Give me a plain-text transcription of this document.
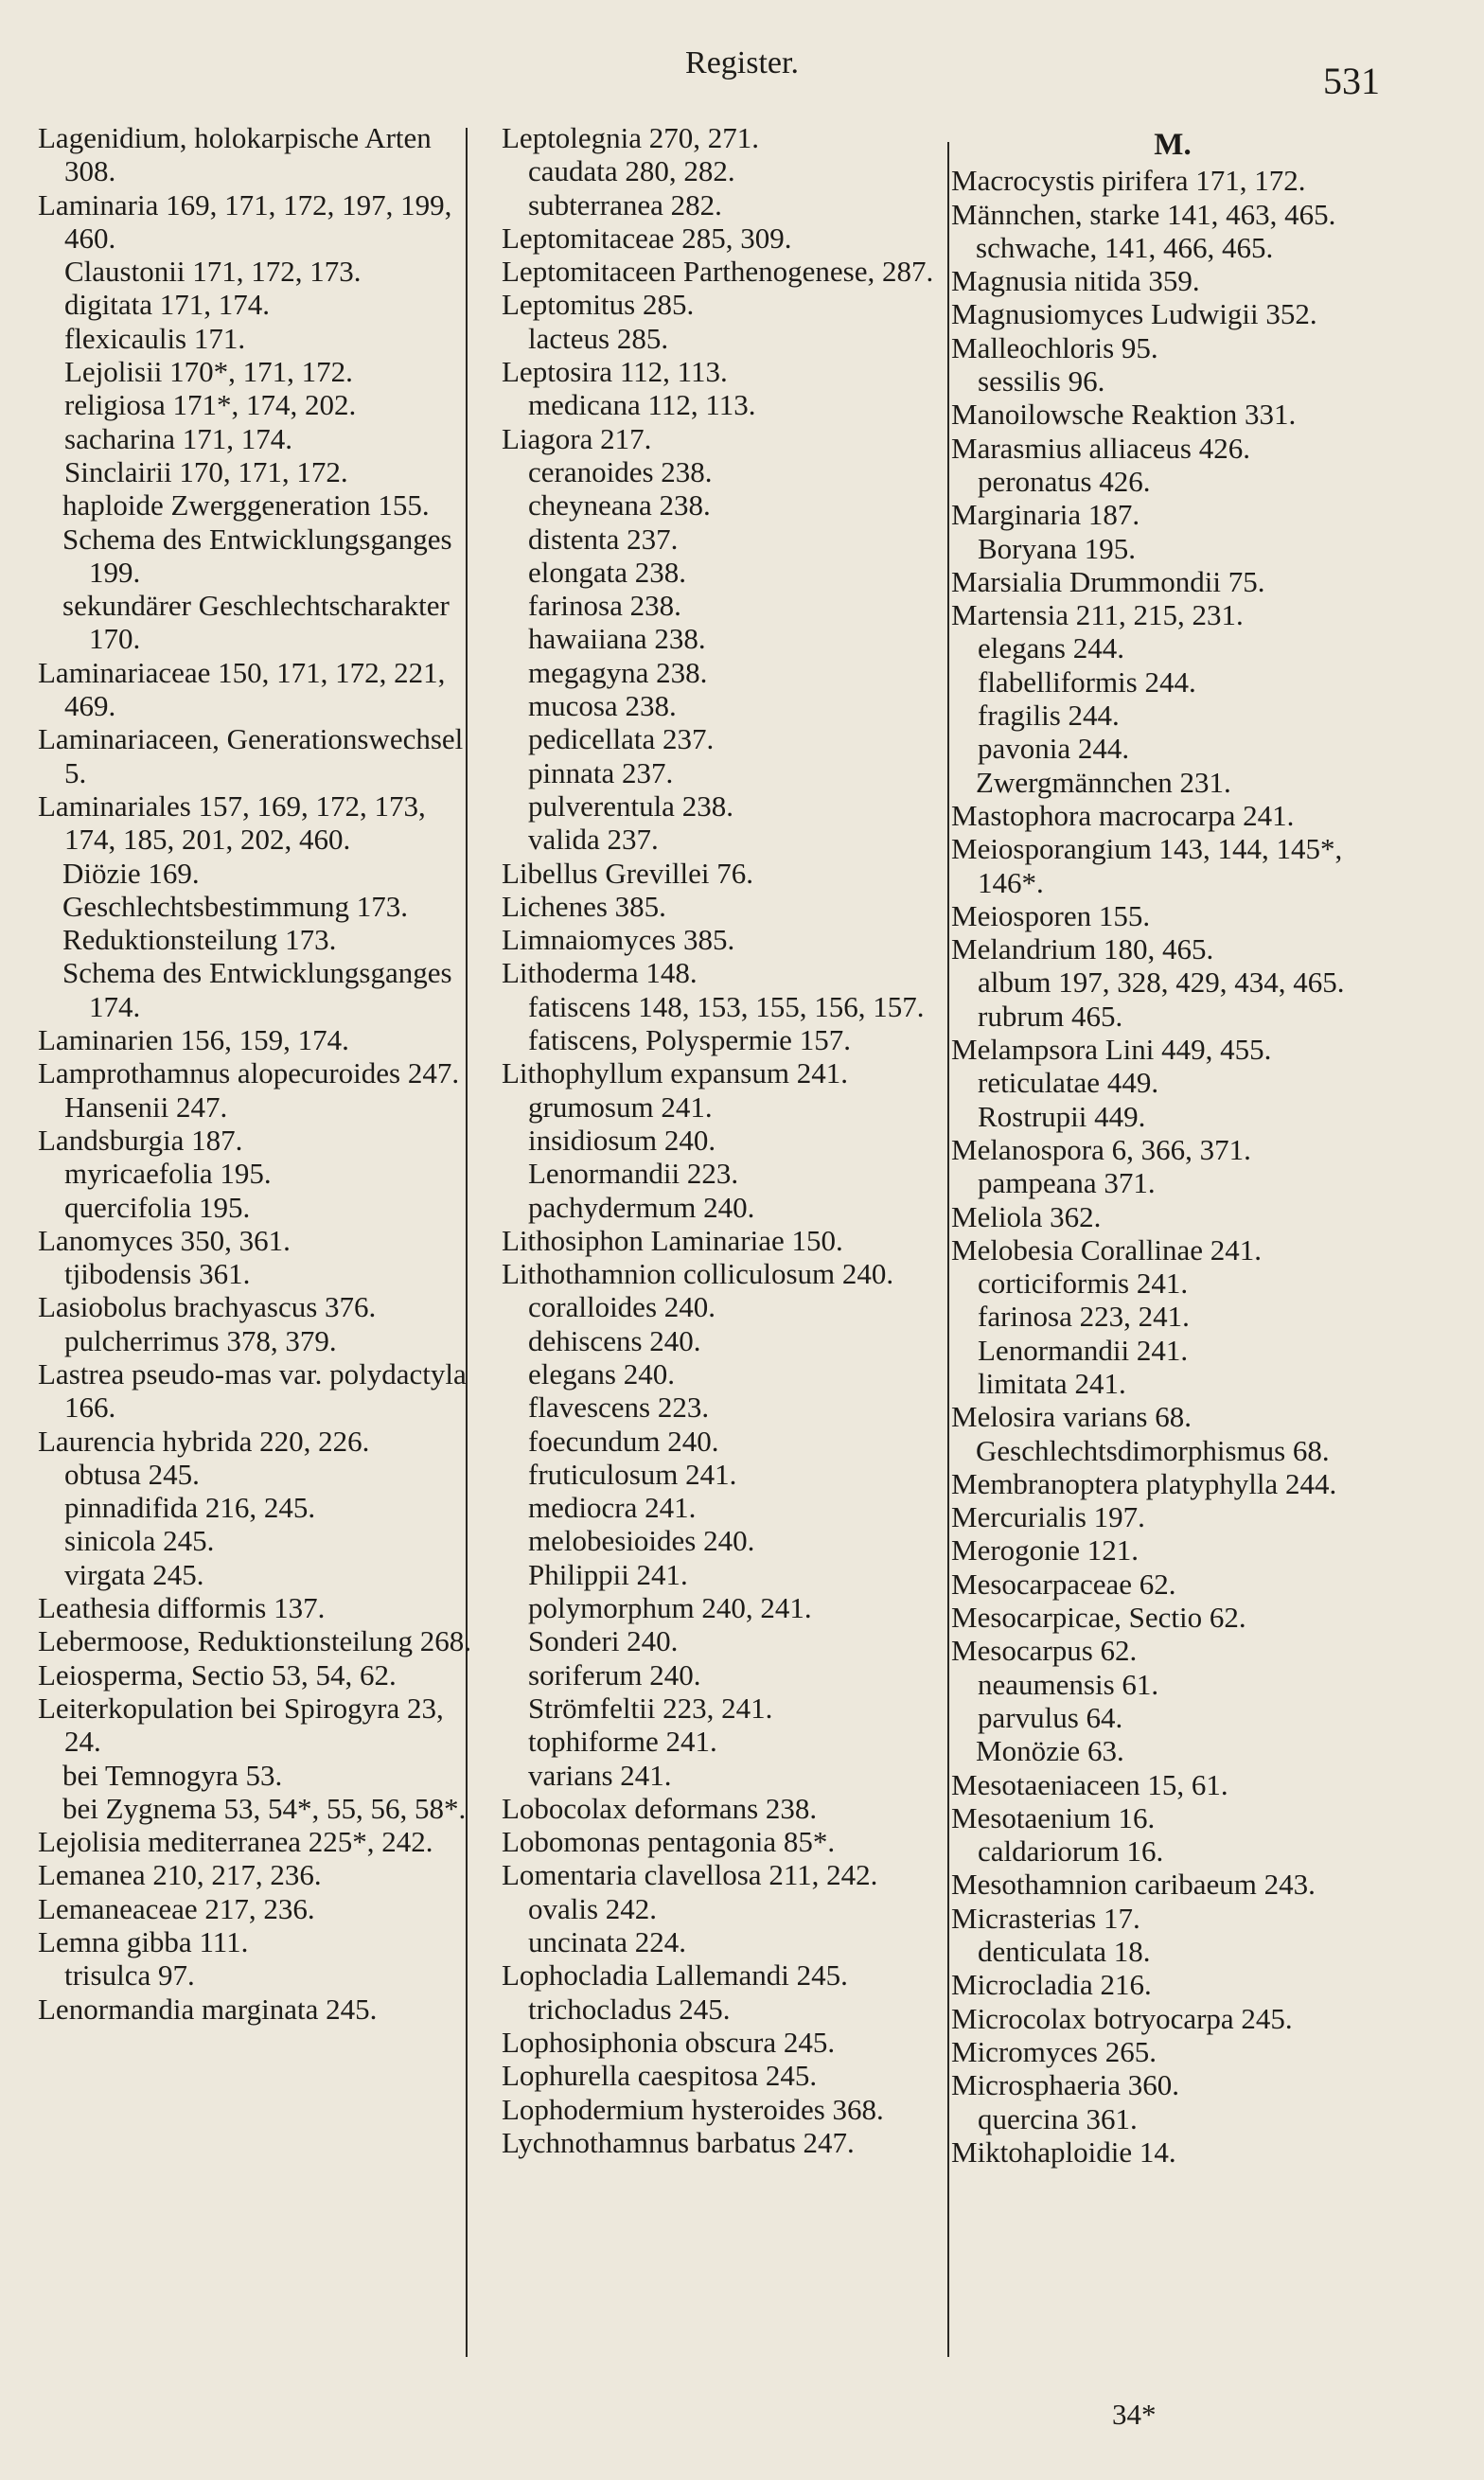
Register.	531

Lagenidium, holokarpische Arten 308.

Laminaria 169, 171, 172, 197, 199, 460.

Claustonii 171, 172, 173.

digitata 171, 174.

flexicaulis 171.

Lejolisii 170*, 171, 172.

religiosa 171*, 174, 202.

sacharina 171, 174.

Sinclairii 170, 171, 172.

haploide Zwerggeneration 155.

Schema des Entwicklungsganges 199.

sekundärer Geschlechtscharakter 170.

Laminariaceae 150, 171, 172, 221, 469.

Laminariaceen, Generationswechsel 5.

Laminariales 157, 169, 172, 173, 174, 185, 201, 202, 460.

Diözie 169.

Geschlechtsbestimmung 173.

Reduktionsteilung 173.

Schema des Entwicklungsganges 174.

Laminarien 156, 159, 174.

Lamprothamnus alopecuroides 247.

Hansenii 247.

Landsburgia 187.

myricaefolia 195.

quercifolia 195.

Lanomyces 350, 361.

tjibodensis 361.

Lasiobolus brachyascus 376.

pulcherrimus 378, 379.

Lastrea pseudo-mas var. polydactyla 166.

Laurencia hybrida 220, 226.

obtusa 245.

pinnadifida 216, 245.

sinicola 245.

virgata 245.

Leathesia difformis 137.

Lebermoose, Reduktionsteilung 268.

Leiosperma, Sectio 53, 54, 62.

Leiterkopulation bei Spirogyra 23, 24.

bei Temnogyra 53.

bei Zygnema 53, 54*, 55, 56, 58*.

Lejolisia mediterranea 225*, 242.

Lemanea 210, 217, 236.

Lemaneaceae 217, 236.

Lemna gibba 111.

trisulca 97.

Lenormandia marginata 245.

Leptolegnia 270, 271.

caudata 280, 282.

subterranea 282.

Leptomitaceae 285, 309.

Leptomitaceen Parthenogenese, 287.

Leptomitus 285.

lacteus 285.

Leptosira 112, 113.

medicana 112, 113.

Liagora 217.

ceranoides 238.

cheyneana 238.

distenta 237.

elongata 238.

farinosa 238.

hawaiiana 238.

megagyna 238.

mucosa 238.

pedicellata 237.

pinnata 237.

pulverentula 238.

valida 237.

Libellus Grevillei 76.

Lichenes 385.

Limnaiomyces 385.

Lithoderma 148.

fatiscens 148, 153, 155, 156, 157.

fatiscens, Polyspermie 157.

Lithophyllum expansum 241.

grumosum 241.

insidiosum 240.

Lenormandii 223.

pachydermum 240.

Lithosiphon Laminariae 150.

Lithothamnion colliculosum 240.

coralloides 240.

dehiscens 240.

elegans 240.

flavescens 223.

foecundum 240.

fruticulosum 241.

mediocra 241.

melobesioides 240.

Philippii 241.

polymorphum 240, 241.

Sonderi 240.

soriferum 240.

Strömfeltii 223, 241.

tophiforme 241.

varians 241.

Lobocolax deformans 238.

Lobomonas pentagonia 85*.

Lomentaria clavellosa 211, 242.

ovalis 242.

uncinata 224.

Lophocladia Lallemandi 245.

trichocladus 245.

Lophosiphonia obscura 245.

Lophurella caespitosa 245.

Lophodermium hysteroides 368.

Lychnothamnus barbatus 247.

M.

Macrocystis pirifera 171, 172.

Männchen, starke 141, 463, 465.

schwache, 141, 466, 465.

Magnusia nitida 359.

Magnusiomyces Ludwigii 352.

Malleochloris 95.

sessilis 96.

Manoilowsche Reaktion 331.

Marasmius alliaceus 426.

peronatus 426.

Marginaria 187.

Boryana 195.

Marsialia Drummondii 75.

Martensia 211, 215, 231.

elegans 244.

flabelliformis 244.

fragilis 244.

pavonia 244.

Zwergmännchen 231.

Mastophora macrocarpa 241.

Meiosporangium 143, 144, 145*, 146*.

Meiosporen 155.

Melandrium 180, 465.

album 197, 328, 429, 434, 465.

rubrum 465.

Melampsora Lini 449, 455.

reticulatae 449.

Rostrupii 449.

Melanospora 6, 366, 371.

pampeana 371.

Meliola 362.

Melobesia Corallinae 241.

corticiformis 241.

farinosa 223, 241.

Lenormandii 241.

limitata 241.

Melosira varians 68.

Geschlechtsdimorphismus 68.

Membranoptera platyphylla 244.

Mercurialis 197.

Merogonie 121.

Mesocarpaceae 62.

Mesocarpicae, Sectio 62.

Mesocarpus 62.

neaumensis 61.

parvulus 64.

Monözie 63.

Mesotaeniaceen 15, 61.

Mesotaenium 16.

caldariorum 16.

Mesothamnion caribaeum 243.

Micrasterias 17.

denticulata 18.

Microcladia 216.

Microcolax botryocarpa 245.

Micromyces 265.

Microsphaeria 360.

quercina 361.

Miktohaploidie 14.

34*
